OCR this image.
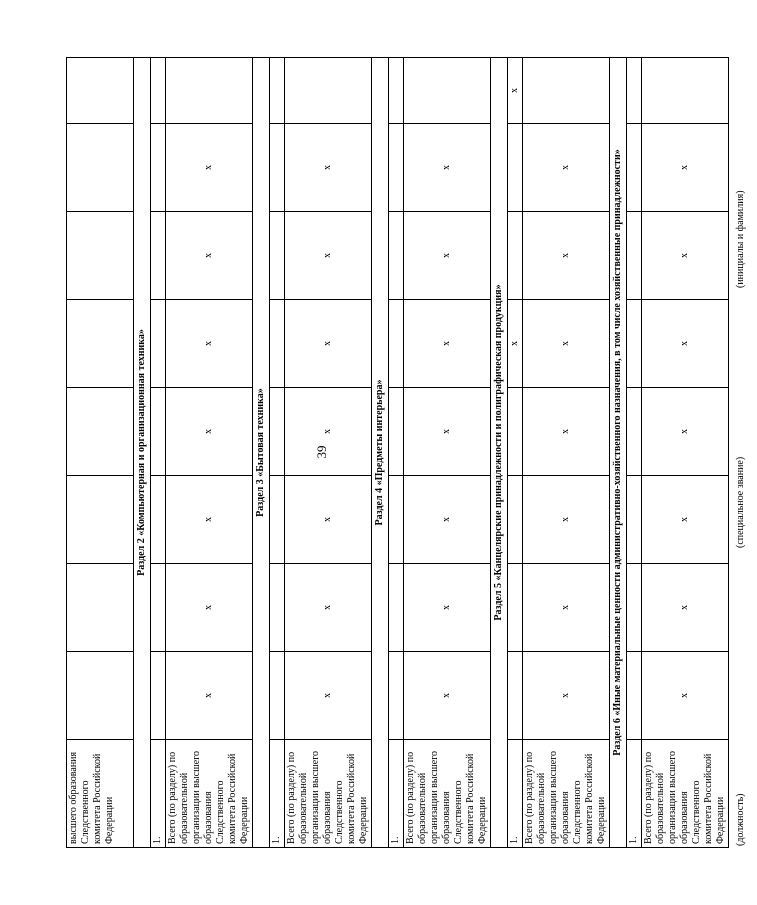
39
высшего образования Следственного комитета Российской Федерации								
Раздел 2 «Компьютерная и организационная техника»								
1.								
Всего (по разделу) по образовательной организации высшего образования Следственного комитета Российской Федерации	x	x	x	x	x	x	x	
Раздел 3 «Бытовая техника»								
1.								
Всего (по разделу) по образовательной организации высшего образования Следственного комитета Российской Федерации	x	x	x	x	x	x	x	
Раздел 4 «Предметы интерьера»								
1.								
Всего (по разделу) по образовательной организации высшего образования Следственного комитета Российской Федерации	x	x	x	x	x	x	x	
Раздел 5 «Канцелярские принадлежности и полиграфическая продукция»								
1.					x			x
Всего (по разделу) по образовательной организации высшего образования Следственного комитета Российской Федерации	x	x	x	x	x	x	x	
Раздел 6 «Иные материальные ценности административно-хозяйственного назначения, в том числе хозяйственные принадлежности»								
1.								
Всего (по разделу) по образовательной организации высшего образования Следственного комитета Российской Федерации	x	x	x	x	x	x	x	
(должность)
(специальное звание)
(инициалы и фамилия)
